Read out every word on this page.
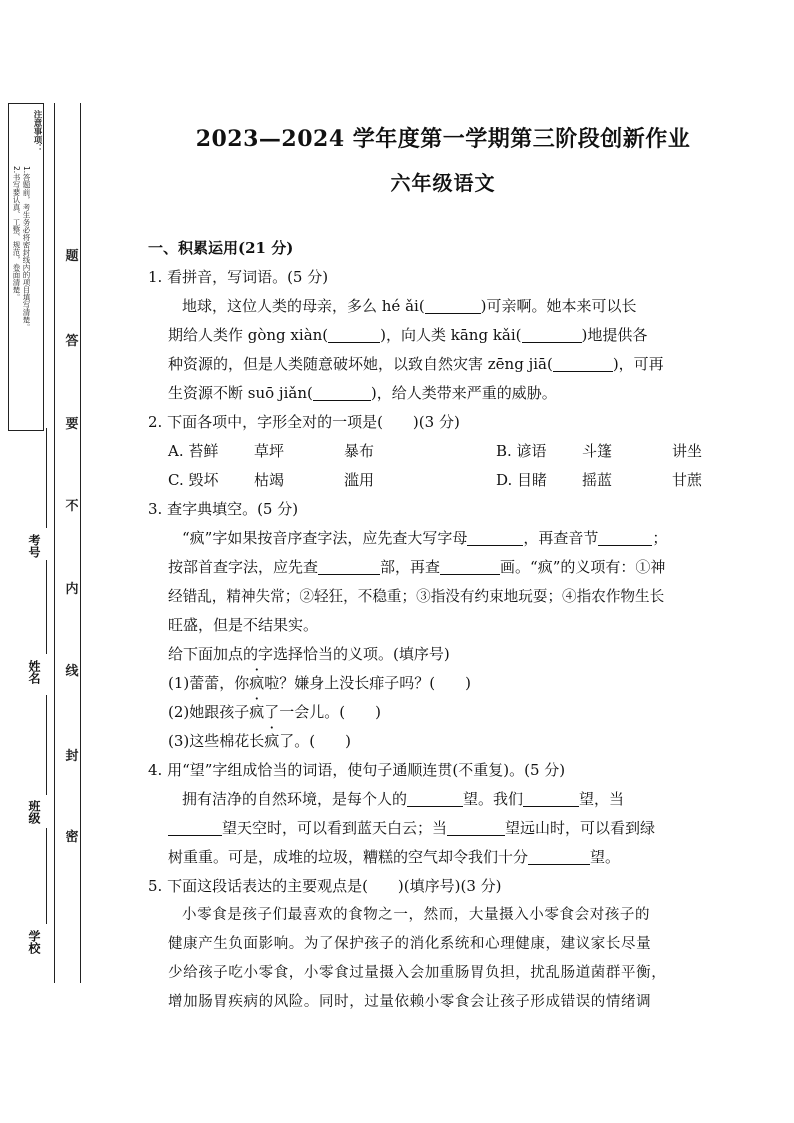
注意事项：
1.答题前，考生务必将密封线内的项目填写清楚。
2.书写要认真、工整、规范，卷面清楚。	题
答
要
不
内
线
封
密
考号
姓名
班级
学校
2023—2024 学年度第一学期第三阶段创新作业
六年级语文
一、积累运用(21 分)
1. 看拼音，写词语。(5 分)
地球，这位人类的母亲，多么 hé ǎi(	)可亲啊。她本来可以长
期给人类作 gòng xiàn(	)，向人类 kāng kǎi(	)地提供各
种资源的，但是人类随意破坏她，以致自然灾害 zēng jiā(	)，可再
生资源不断 suō jiǎn(	)，给人类带来严重的威胁。
2. 下面各项中，字形全对的一项是(　　)(3 分)
A. 苔鲜	草坪	暴布	B. 谚语	斗篷	讲坐
C. 毁坏	枯竭	滥用	D. 目睹	摇蓝	甘蔗
3. 查字典填空。(5 分)
“疯”字如果按音序查字法，应先查大写字母	，再查音节	；
按部首查字法，应先查	部，再查	画。“疯”的义项有：①神
经错乱，精神失常；②轻狂，不稳重；③指没有约束地玩耍；④指农作物生长
旺盛，但是不结果实。
给下面加点的字选择恰当的义项。(填序号)
(1)蕾蕾，你疯啦？嫌身上没长痱子吗？(　　)
(2)她跟孩子疯了一会儿。(　　)
(3)这些棉花长疯了。(　　)
4. 用“望”字组成恰当的词语，使句子通顺连贯(不重复)。(5 分)
拥有洁净的自然环境，是每个人的	望。我们	望，当
望天空时，可以看到蓝天白云；当	望远山时，可以看到绿
树重重。可是，成堆的垃圾，糟糕的空气却令我们十分	望。
5. 下面这段话表达的主要观点是(　　)(填序号)(3 分)
小零食是孩子们最喜欢的食物之一，然而，大量摄入小零食会对孩子的
健康产生负面影响。为了保护孩子的消化系统和心理健康，建议家长尽量
少给孩子吃小零食，小零食过量摄入会加重肠胃负担，扰乱肠道菌群平衡，
增加肠胃疾病的风险。同时，过量依赖小零食会让孩子形成错误的情绪调
